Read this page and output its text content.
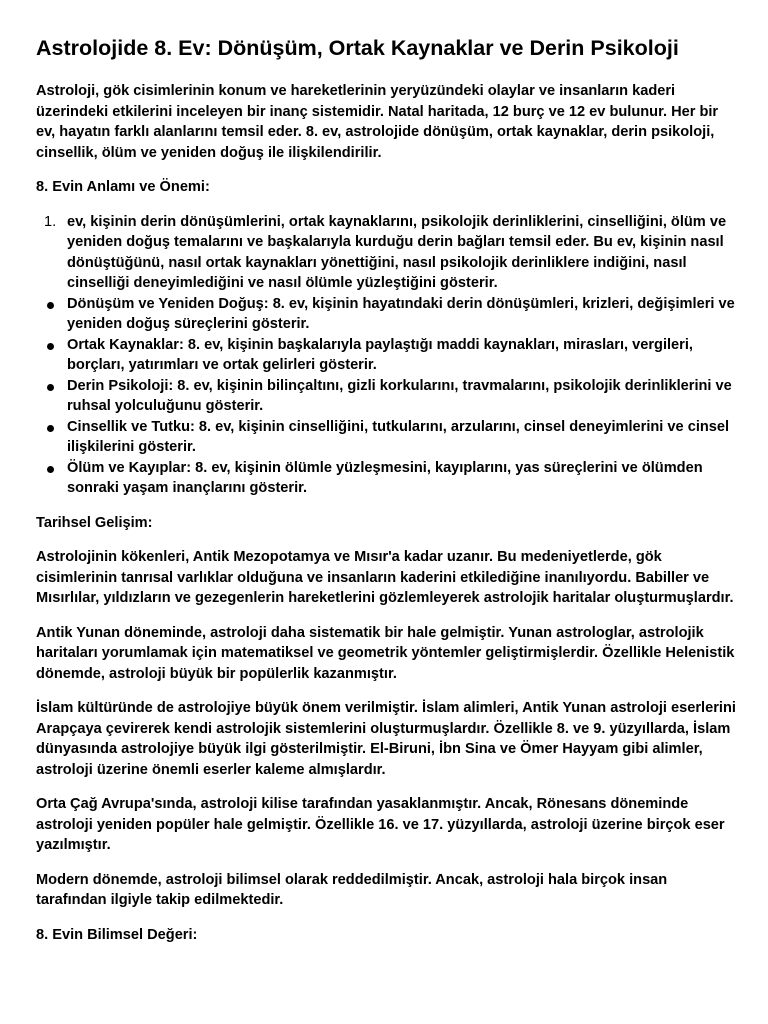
Astrolojide 8. Ev: Dönüşüm, Ortak Kaynaklar ve Derin Psikoloji

Astroloji, gök cisimlerinin konum ve hareketlerinin yeryüzündeki olaylar ve insanların kaderi üzerindeki etkilerini inceleyen bir inanç sistemidir. Natal haritada, 12 burç ve 12 ev bulunur. Her bir ev, hayatın farklı alanlarını temsil eder. 8. ev, astrolojide dönüşüm, ortak kaynaklar, derin psikoloji, cinsellik, ölüm ve yeniden doğuş ile ilişkilendirilir.

8. Evin Anlamı ve Önemi:
1. ev, kişinin derin dönüşümlerini, ortak kaynaklarını, psikolojik derinliklerini, cinselliğini, ölüm ve yeniden doğuş temalarını ve başkalarıyla kurduğu derin bağları temsil eder. Bu ev, kişinin nasıl dönüştüğünü, nasıl ortak kaynakları yönettiğini, nasıl psikolojik derinliklere indiğini, nasıl cinselliği deneyimlediğini ve nasıl ölümle yüzleştiğini gösterir.
Dönüşüm ve Yeniden Doğuş: 8. ev, kişinin hayatındaki derin dönüşümleri, krizleri, değişimleri ve yeniden doğuş süreçlerini gösterir.
Ortak Kaynaklar: 8. ev, kişinin başkalarıyla paylaştığı maddi kaynakları, mirasları, vergileri, borçları, yatırımları ve ortak gelirleri gösterir.
Derin Psikoloji: 8. ev, kişinin bilinçaltını, gizli korkularını, travmalarını, psikolojik derinliklerini ve ruhsal yolculuğunu gösterir.
Cinsellik ve Tutku: 8. ev, kişinin cinselliğini, tutkularını, arzularını, cinsel deneyimlerini ve cinsel ilişkilerini gösterir.
Ölüm ve Kayıplar: 8. ev, kişinin ölümle yüzleşmesini, kayıplarını, yas süreçlerini ve ölümden sonraki yaşam inançlarını gösterir.
Tarihsel Gelişim:

Astrolojinin kökenleri, Antik Mezopotamya ve Mısır'a kadar uzanır. Bu medeniyetlerde, gök cisimlerinin tanrısal varlıklar olduğuna ve insanların kaderini etkilediğine inanılıyordu. Babiller ve Mısırlılar, yıldızların ve gezegenlerin hareketlerini gözlemleyerek astrolojik haritalar oluşturmuşlardır.

Antik Yunan döneminde, astroloji daha sistematik bir hale gelmiştir. Yunan astrologlar, astrolojik haritaları yorumlamak için matematiksel ve geometrik yöntemler geliştirmişlerdir. Özellikle Helenistik dönemde, astroloji büyük bir popülerlik kazanmıştır.

İslam kültüründe de astrolojiye büyük önem verilmiştir. İslam alimleri, Antik Yunan astroloji eserlerini Arapçaya çevirerek kendi astrolojik sistemlerini oluşturmuşlardır. Özellikle 8. ve 9. yüzyıllarda, İslam dünyasında astrolojiye büyük ilgi gösterilmiştir. El-Biruni, İbn Sina ve Ömer Hayyam gibi alimler, astroloji üzerine önemli eserler kaleme almışlardır.

Orta Çağ Avrupa'sında, astroloji kilise tarafından yasaklanmıştır. Ancak, Rönesans döneminde astroloji yeniden popüler hale gelmiştir. Özellikle 16. ve 17. yüzyıllarda, astroloji üzerine birçok eser yazılmıştır.

Modern dönemde, astroloji bilimsel olarak reddedilmiştir. Ancak, astroloji hala birçok insan tarafından ilgiyle takip edilmektedir.

8. Evin Bilimsel Değeri:
